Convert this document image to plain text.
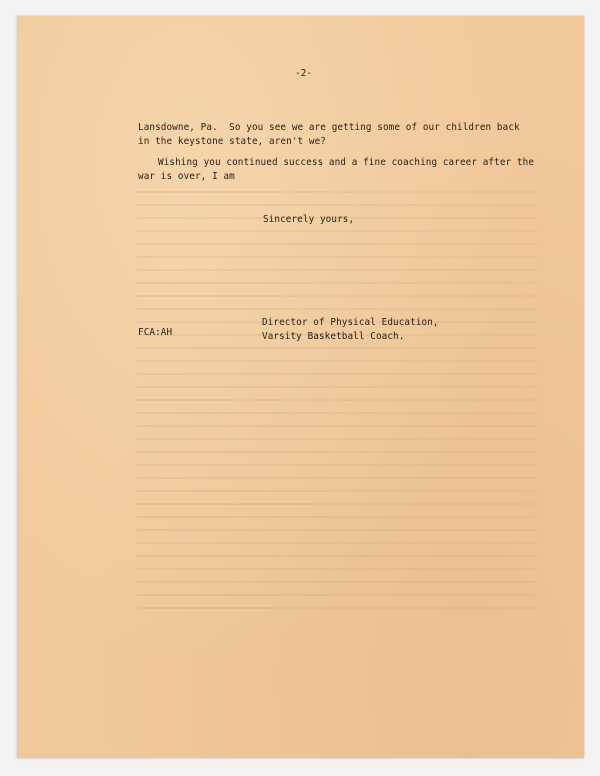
-2-
Lansdowne, Pa.  So you see we are getting some of our children back
in the keystone state, aren't we?
Wishing you continued success and a fine coaching career after the
war is over, I am
Sincerely yours,
Director of Physical Education,
Varsity Basketball Coach.
FCA:AH
